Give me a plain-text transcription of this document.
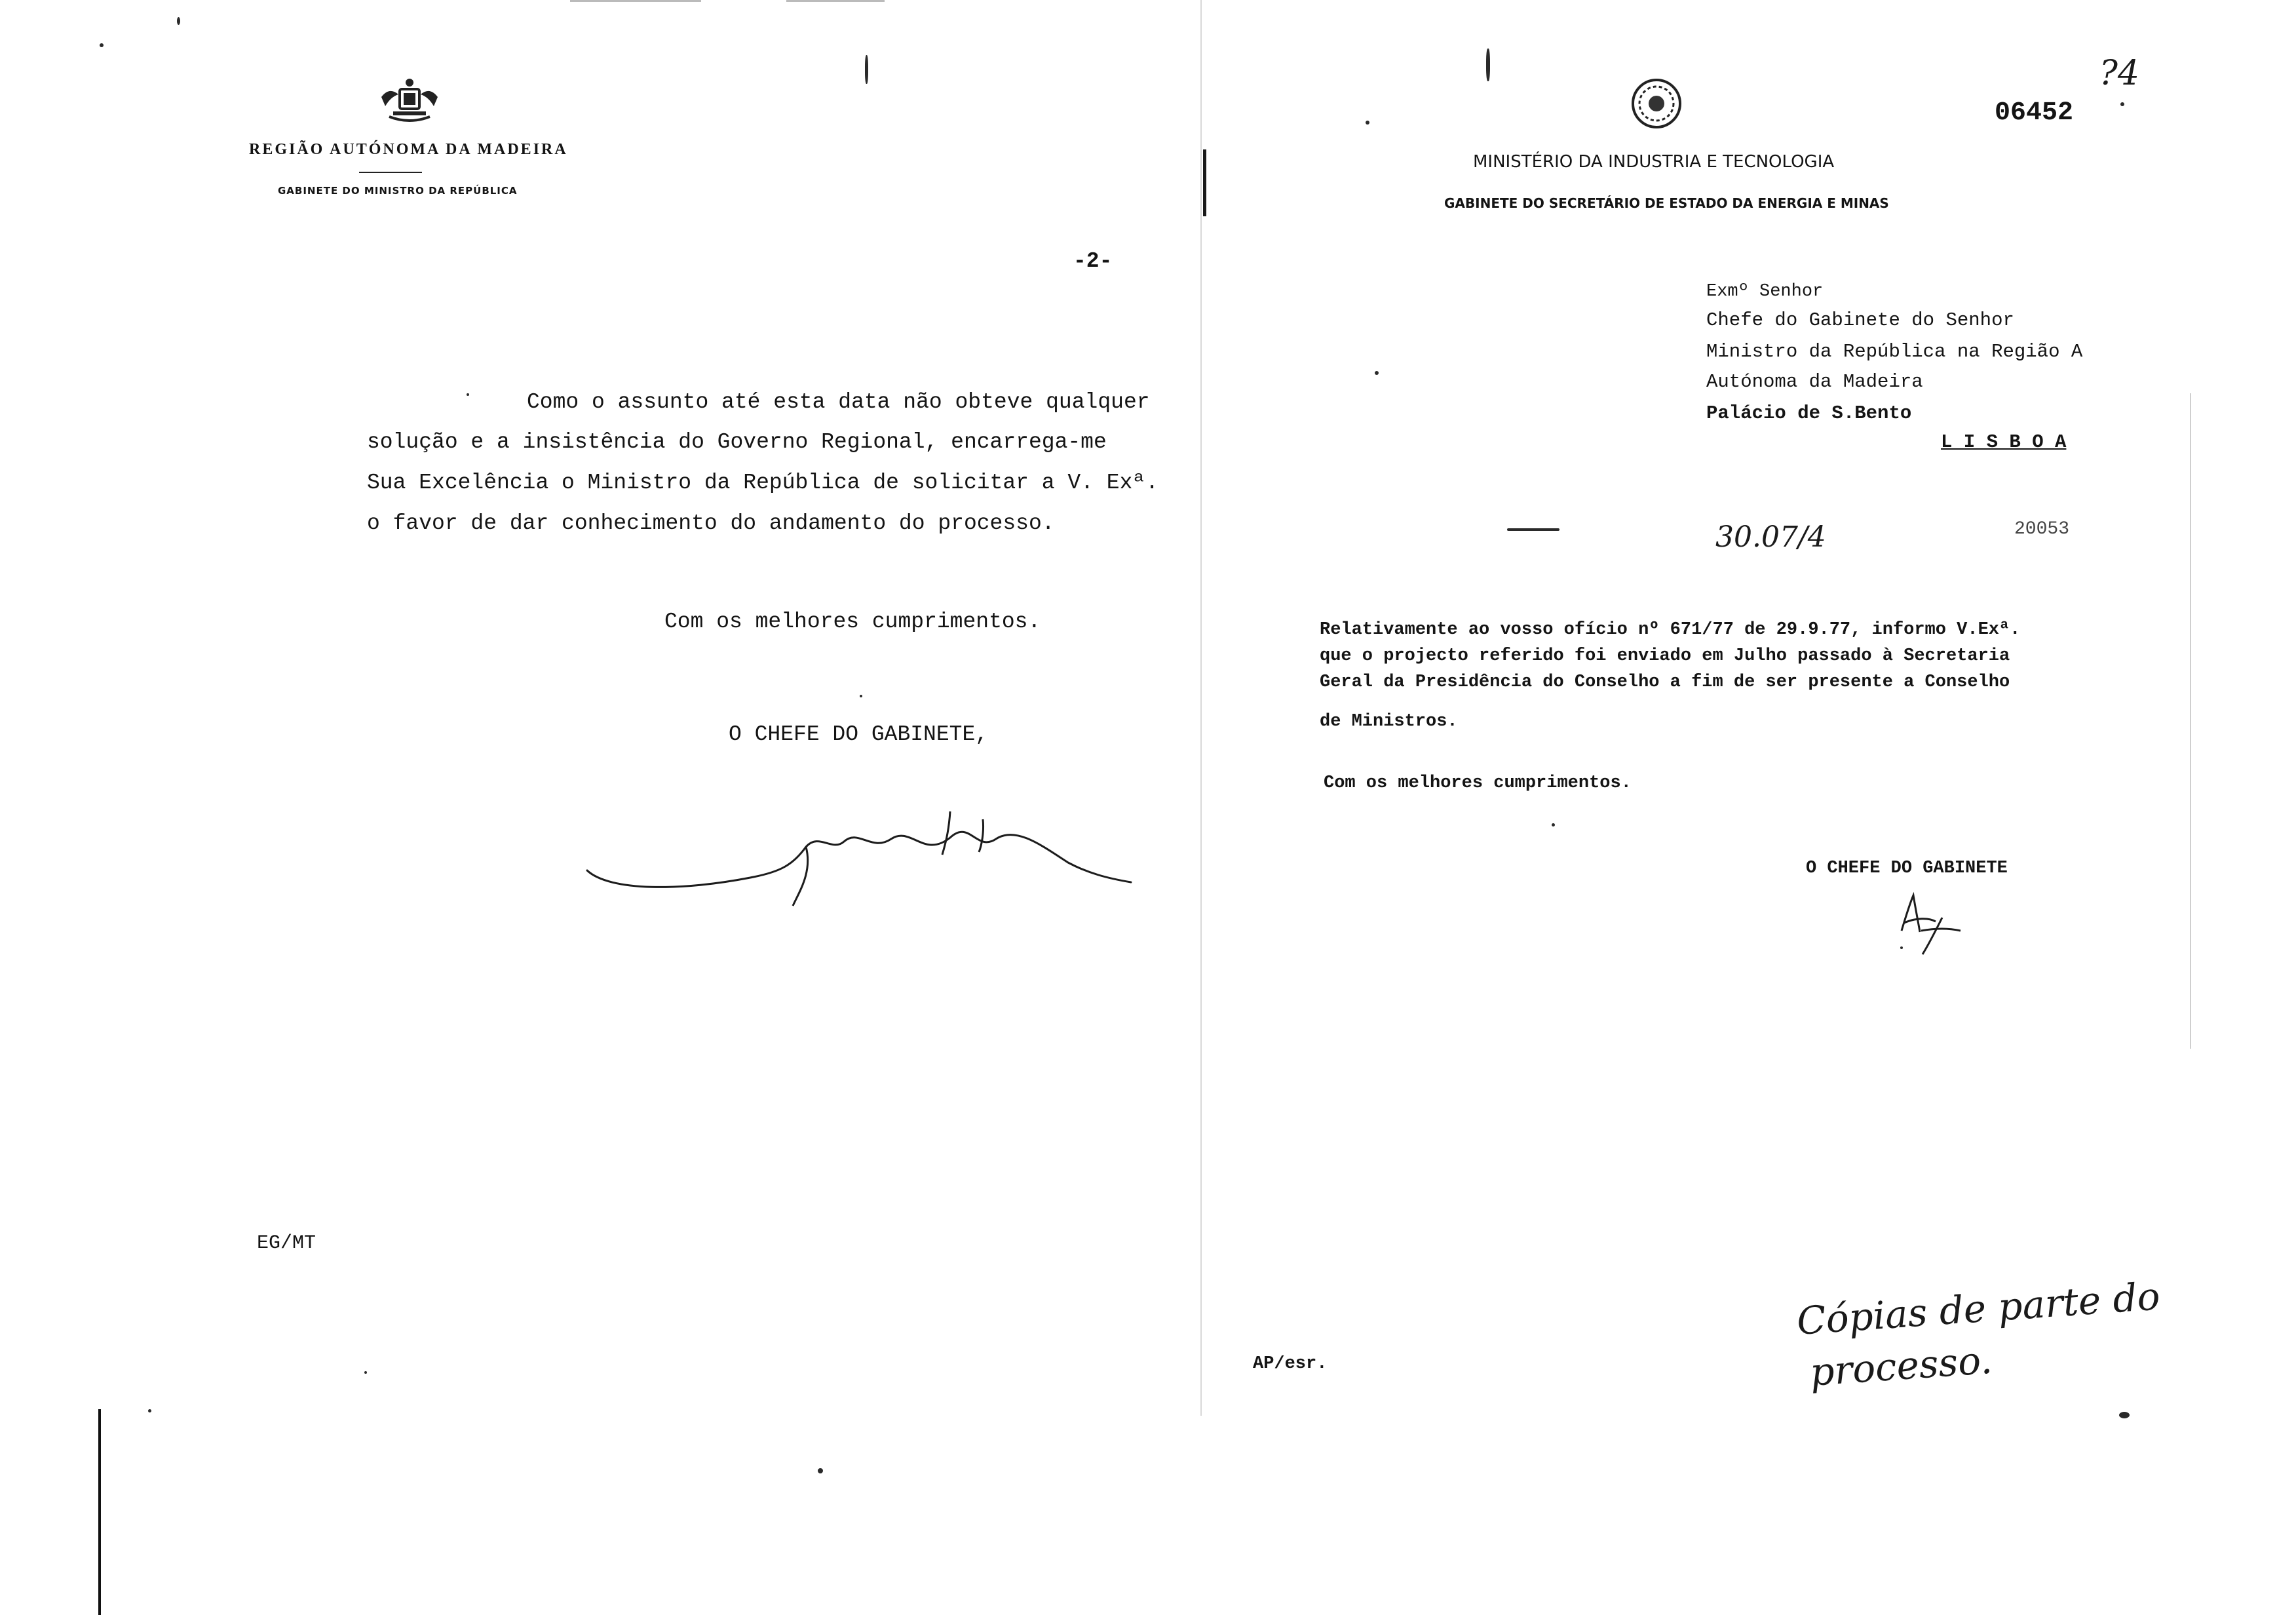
REGIÃO AUTÓNOMA DA MADEIRA
GABINETE DO MINISTRO DA REPÚBLICA
-2-
Como o assunto até esta data não obteve qualquer
solução e a insistência do Governo Regional, encarrega-me
Sua Excelência o Ministro da República de solicitar a V. Exª.
o favor de dar conhecimento do andamento do processo.
Com os melhores cumprimentos.
O CHEFE DO GABINETE,
EG/MT
MINISTÉRIO DA INDUSTRIA E TECNOLOGIA
GABINETE DO SECRETÁRIO DE ESTADO DA ENERGIA E MINAS
06452
?4
Exmº Senhor
Chefe do Gabinete do Senhor
Ministro da República na Região A
Autónoma da Madeira
Palácio de S.Bento
L I S B O A
30.07/4	20053
Relativamente ao vosso ofício nº 671/77 de 29.9.77, informo V.Exª.
que o projecto referido foi enviado em Julho passado à Secretaria
Geral da Presidência do Conselho a fim de ser presente a Conselho
de Ministros.
Com os melhores cumprimentos.
O CHEFE DO GABINETE
AP/esr.
Cópias de parte do
processo.
